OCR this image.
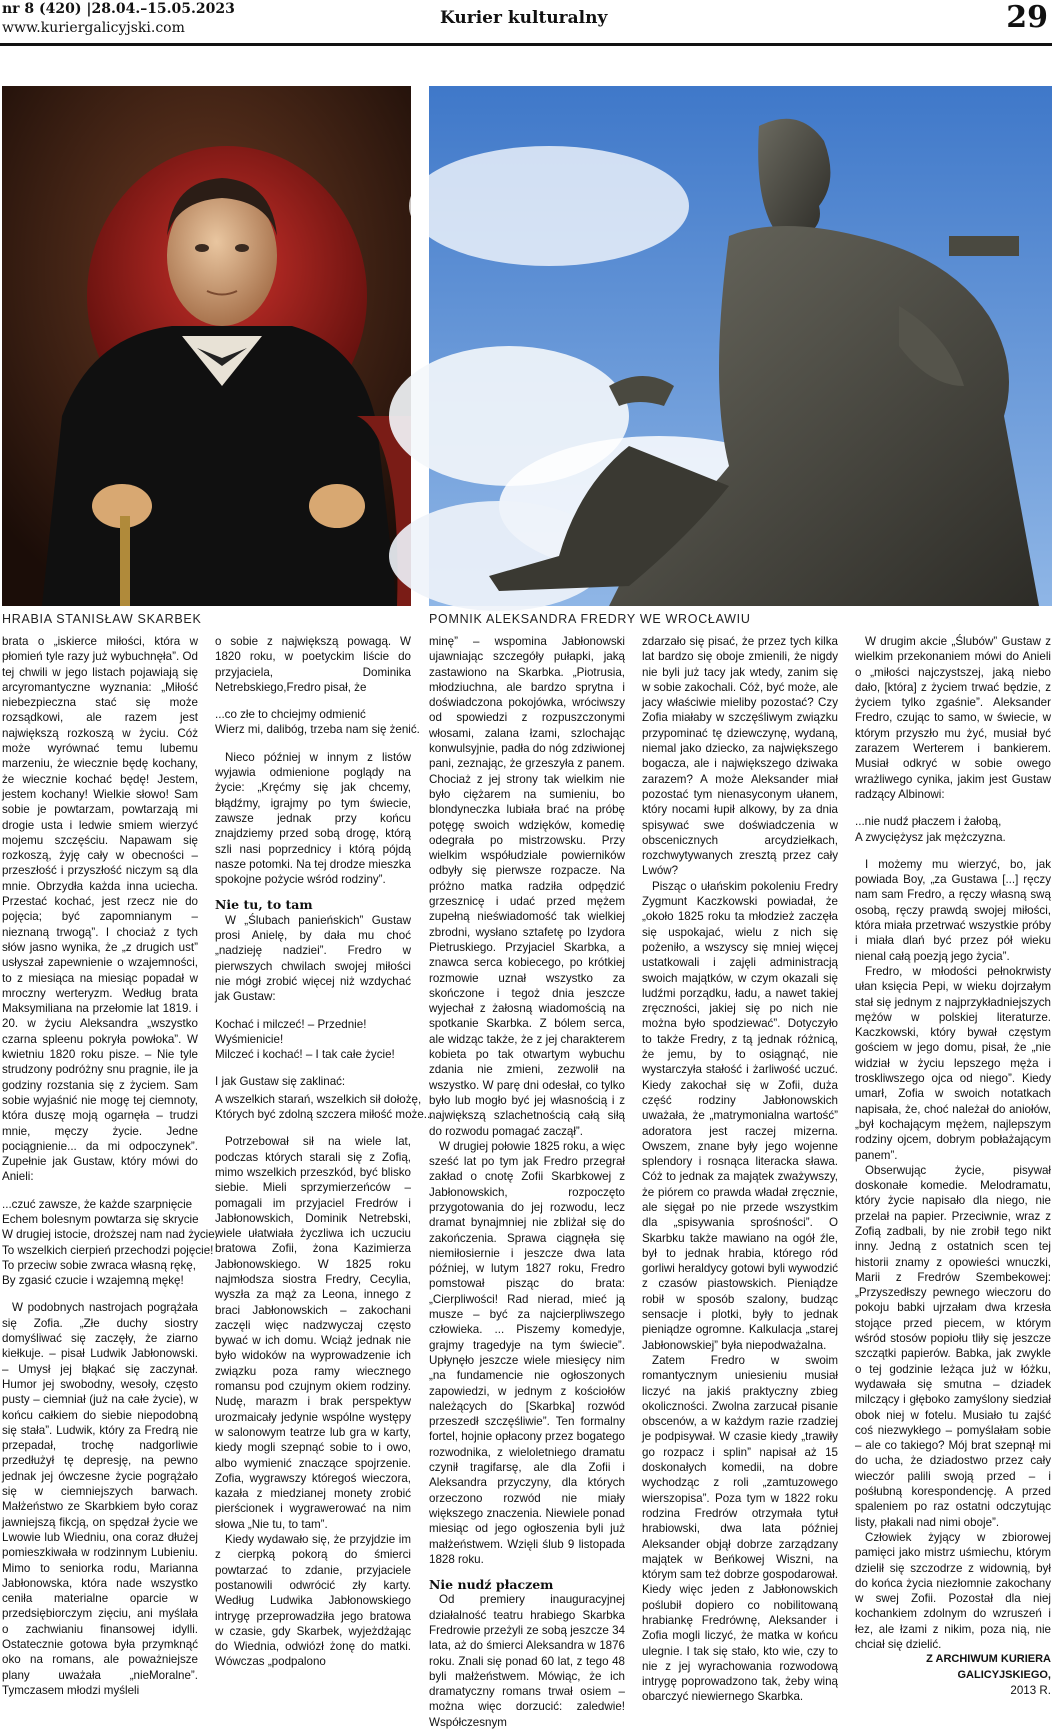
nr 8 (420) |28.04.–15.05.2023
www.kuriergalicyjski.com	Kurier kulturalny	29
HRABIA STANISŁAW SKARBEK	POMNIK ALEKSANDRA FREDRY WE WROCŁAWIU

brata o „iskierce miłości, która w płomień tyle razy już wybuchnęła”. Od tej chwili w jego listach pojawiają się arcyromantyczne wyznania: „Miłość niebezpieczna stać się może rozsądkowi, ale razem jest największą rozkoszą w życiu. Cóż może wyrównać temu lubemu marzeniu, że wiecznie będę kochany, że wiecznie kochać będę! Jestem, jestem kochany! Wielkie słowo! Sam sobie je powtarzam, powtarzają mi drogie usta i ledwie smiem wierzyć mojemu szczęściu. Napawam się rozkoszą, żyję cały w obecności – przeszłość i przyszłość niczym są dla mnie. Obrzydła każda inna uciecha. Przestać kochać, jest rzecz nie do pojęcia; być zapomnianym – nieznaną trwogą”. I chociaż z tych słów jasno wynika, że „z drugich ust” usłyszał zapewnienie o wzajemności, to z miesiąca na miesiąc popadał w mroczny werteryzm. Według brata Maksymiliana na przełomie lat 1819. i 20. w życiu Aleksandra „wszystko czarna spleenu pokryła powłoka”. W kwietniu 1820 roku pisze. – Nie tyle strudzony podróżny snu pragnie, ile ja godziny rozstania się z życiem. Sam sobie wyjaśnić nie mogę tej ciemnoty, która duszę moją ogarnęła – trudzi mnie, męczy życie. Jedne pociągnienie... da mi odpoczynek”. Zupełnie jak Gustaw, który mówi do Anieli:

...czuć zawsze, że każde szarpnięcie
Echem bolesnym powtarza się skrycie
W drugiej istocie, droższej nam nad życie,
To wszelkich cierpień przechodzi pojęcie!
To przeciw sobie zwraca własną rękę,
By zgasić czucie i wzajemną mękę!

W podobnych nastrojach pogrążała się Zofia. „Złe duchy siostry domyśliwać się zaczęły, że ziarno kiełkuje. – pisał Ludwik Jabłonowski. – Umysł jej błąkać się zaczynał. Humor jej swobodny, wesoły, często pusty – ciemniał (już na całe życie), w końcu całkiem do siebie niepodobną się stała”. Ludwik, który za Fredrą nie przepadał, trochę nadgorliwie przedłużył tę depresję, na pewno jednak jej ówczesne życie pogrążało się w ciemniejszych barwach. Małżeństwo ze Skarbkiem było coraz jawniejszą fikcją, on spędzał życie we Lwowie lub Wiedniu, ona coraz dłużej pomieszkiwała w rodzinnym Lubieniu. Mimo to seniorka rodu, Marianna Jabłonowska, która nade wszystko ceniła materialne oparcie w przedsiębiorczym zięciu, ani myślała o zachwianiu finansowej idylli. Ostatecznie gotowa była przymknąć oko na romans, ale poważniejsze plany uważała „nieMoralne”. Tymczasem młodzi myśleli

o sobie z największą powagą. W 1820 roku, w poetyckim liście do przyjaciela, Dominika Netrebskiego,Fredro pisał, że

...co złe to chciejmy odmienić
Wierz mi, dalibóg, trzeba nam się żenić.

Nieco później w innym z listów wyjawia odmienione poglądy na życie: „Kręćmy się jak chcemy, błądźmy, igrajmy po tym świecie, zawsze jednak przy końcu znajdziemy przed sobą drogę, którą szli nasi poprzednicy i którą pójdą nasze potomki. Na tej drodze mieszka spokojne pożycie wśród rodziny”.

Nie tu, to tam

W „Ślubach panieńskich” Gustaw prosi Anielę, by dała mu choć „nadzieję nadziei”. Fredro w pierwszych chwilach swojej miłości nie mógł zrobić więcej niż wzdychać jak Gustaw:

Kochać i milczeć! – Przednie!
Wyśmienicie!
Milczeć i kochać! – I tak całe życie!

I jak Gustaw się zaklinać:

A wszelkich starań, wszelkich sił dołożę,
Których być zdolną szczera miłość może...

Potrzebował sił na wiele lat, podczas których starali się z Zofią, mimo wszelkich przeszkód, być blisko siebie. Mieli sprzymierzeńców – pomagali im przyjaciel Fredrów i Jabłonowskich, Dominik Netrebski, wiele ułatwiała życzliwa ich uczuciu bratowa Zofii, żona Kazimierza Jabłonowskiego. W 1825 roku najmłodsza siostra Fredry, Cecylia, wyszła za mąż za Leona, innego z braci Jabłonowskich – zakochani zaczęli więc nadzwyczaj często bywać w ich domu. Wciąż jednak nie było widoków na wyprowadzenie ich związku poza ramy wiecznego romansu pod czujnym okiem rodziny. Nudę, marazm i brak perspektyw urozmaicały jedynie wspólne występy w salonowym teatrze lub gra w karty, kiedy mogli szepnąć sobie to i owo, albo wymienić znaczące spojrzenie. Zofia, wygrawszy któregoś wieczora, kazała z miedzianej monety zrobić pierścionek i wygrawerować na nim słowa „Nie tu, to tam”.

Kiedy wydawało się, że przyjdzie im z cierpką pokorą do śmierci powtarzać to zdanie, przyjaciele postanowili odwrócić zły karty. Według Ludwika Jabłonowskiego intrygę przeprowadziła jego bratowa w czasie, gdy Skarbek, wyjeżdżając do Wiednia, odwiózł żonę do matki. Wówczas „podpalono

minę” – wspomina Jabłonowski ujawniając szczegóły pułapki, jaką zastawiono na Skarbka. „Piotrusia, młodziuchna, ale bardzo sprytna i doświadczona pokojówka, wróciwszy od spowiedzi z rozpuszczonymi włosami, zalana łzami, szlochając konwulsyjnie, padła do nóg zdziwionej pani, zeznając, że grzeszyła z panem. Chociaż z jej strony tak wielkim nie było ciężarem na sumieniu, bo blondyneczka lubiała brać na próbę potęgę swoich wdzięków, komedię odegrała po mistrzowsku. Przy wielkim współudziale powierników odbyły się pierwsze rozpacze. Na próżno matka radziła odpędzić grzesznicę i udać przed mężem zupełną nieświadomość tak wielkiej zbrodni, wysłano sztafetę po Izydora Pietruskiego. Przyjaciel Skarbka, a znawca serca kobiecego, po krótkiej rozmowie uznał wszystko za skończone i tegoż dnia jeszcze wyjechał z żałosną wiadomością na spotkanie Skarbka. Z bólem serca, ale widząc także, że z jej charakterem kobieta po tak otwartym wybuchu zdania nie zmieni, zezwolił na wszystko. W parę dni odesłał, co tylko było lub mogło być jej własnością i z największą szlachetnością całą siłą do rozwodu pomagać zaczął”.

W drugiej połowie 1825 roku, a więc sześć lat po tym jak Fredro przegrał zakład o cnotę Zofii Skarbkowej z Jabłonowskich, rozpoczęto przygotowania do jej rozwodu, lecz dramat bynajmniej nie zbliżał się do zakończenia. Sprawa ciągnęła się niemiłosiernie i jeszcze dwa lata później, w lutym 1827 roku, Fredro pomstował pisząc do brata: „Cierpliwości! Rad nierad, mieć ją musze – być za najcierpliwszego człowieka. ... Piszemy komedyje, grajmy tragedyje na tym świecie”. Upłynęło jeszcze wiele miesięcy nim „na fundamencie nie ogłoszonych zapowiedzi, w jednym z kościołów należących do [Skarbka] rozwód przeszedł szczęśliwie”. Ten formalny fortel, hojnie opłacony przez bogatego rozwodnika, z wieloletniego dramatu czynił tragifarsę, ale dla Zofii i Aleksandra przyczyny, dla których orzeczono rozwód nie miały większego znaczenia. Niewiele ponad miesiąc od jego ogłoszenia byli już małżeństwem. Wzięli ślub 9 listopada 1828 roku.

Nie nudź płaczem

Od premiery inauguracyjnej działalność teatru hrabiego Skarbka Fredrowie przeżyli ze sobą jeszcze 34 lata, aż do śmierci Aleksandra w 1876 roku. Znali się ponad 60 lat, z tego 48 byli małżeństwem. Mówiąc, że ich dramatyczny romans trwał osiem – można więc dorzucić: zaledwie! Współczesnym

zdarzało się pisać, że przez tych kilka lat bardzo się oboje zmienili, że nigdy nie byli już tacy jak wtedy, zanim się w sobie zakochali. Cóż, być może, ale jacy właściwie mieliby pozostać? Czy Zofia miałaby w szczęśliwym związku przypominać tę dziewczynę, wydaną, niemal jako dziecko, za największego bogacza, ale i największego dziwaka zarazem? A może Aleksander miał pozostać tym nienasyconym ułanem, który nocami łupił alkowy, by za dnia spisywać swe doświadczenia w obscenicznych arcydziełkach, rozchwytywanych zresztą przez cały Lwów?

Pisząc o ułańskim pokoleniu Fredry Zygmunt Kaczkowski powiadał, że „około 1825 roku ta młodzież zaczęła się uspokajać, wielu z nich się pożeniło, a wszyscy się mniej więcej ustatkowali i zajęli administracją swoich majątków, w czym okazali się ludźmi porządku, ładu, a nawet takiej zręczności, jakiej się po nich nie można było spodziewać”. Dotyczyło to także Fredry, z tą jednak różnicą, że jemu, by to osiągnąć, nie wystarczyła stałość i żarliwość uczuć. Kiedy zakochał się w Zofii, duża część rodziny Jabłonowskich uważała, że „matrymonialna wartość” adoratora jest raczej mizerna. Owszem, znane były jego wojenne splendory i rosnąca literacka sława. Cóż to jednak za majątek zważywszy, że piórem co prawda władał zręcznie, ale sięgał po nie przede wszystkim dla „spisywania sprośności”. O Skarbku także mawiano na ogół źle, był to jednak hrabia, którego ród gorliwi heraldycy gotowi byli wywodzić z czasów piastowskich. Pieniądze robił w sposób szalony, budząc sensacje i plotki, były to jednak pieniądze ogromne. Kalkulacja „starej Jabłonowskiej” była niepodważalna.

Zatem Fredro w swoim romantycznym uniesieniu musiał liczyć na jakiś praktyczny zbieg okoliczności. Zwolna zarzucał pisanie obscenów, a w każdym razie rzadziej je podpisywał. W czasie kiedy „trawiły go rozpacz i splin” napisał aż 15 doskonałych komedii, na dobre wychodząc z roli „zamtuzowego wierszopisa”. Poza tym w 1822 roku rodzina Fredrów otrzymała tytuł hrabiowski, dwa lata później Aleksander objął dobrze zarządzany majątek w Beńkowej Wiszni, na którym sam też dobrze gospodarował. Kiedy więc jeden z Jabłonowskich poślubił dopiero co nobilitowaną hrabiankę Fredrównę, Aleksander i Zofia mogli liczyć, że matka w końcu ulegnie. I tak się stało, kto wie, czy to nie z jej wyrachowania rozwodową intrygę poprowadzono tak, żeby winą obarczyć niewiernego Skarbka.

W drugim akcie „Ślubów” Gustaw z wielkim przekonaniem mówi do Anieli o „miłości najczystszej, jaką niebo dało, [która] z życiem trwać będzie, z życiem tylko zgaśnie”. Aleksander Fredro, czując to samo, w świecie, w którym przyszło mu żyć, musiał być zarazem Werterem i bankierem. Musiał odkryć w sobie owego wrażliwego cynika, jakim jest Gustaw radzący Albinowi:

...nie nudź płaczem i żałobą,
A zwyciężysz jak mężczyzna.

I możemy mu wierzyć, bo, jak powiada Boy, „za Gustawa [...] ręczy nam sam Fredro, a ręczy własną swą osobą, ręczy prawdą swojej miłości, która miała przetrwać wszystkie próby i miała dlań być przez pół wieku nienal całą poezją jego życia”.

Fredro, w młodości pełnokrwisty ułan księcia Pepi, w wieku dojrzałym stał się jednym z najprzykładniejszych mężów w polskiej literaturze. Kaczkowski, który bywał częstym gościem w jego domu, pisał, że „nie widział w życiu lepszego męża i troskliwszego ojca od niego”. Kiedy umarł, Zofia w swoich notatkach napisała, że, choć należał do aniołów, „był kochającym mężem, najlepszym rodziny ojcem, dobrym pobłażającym panem”.

Obserwując życie, pisywał doskonałe komedie. Melodramatu, który życie napisało dla niego, nie przelał na papier. Przeciwnie, wraz z Zofią zadbali, by nie zrobił tego nikt inny. Jedną z ostatnich scen tej historii znamy z opowieści wnuczki, Marii z Fredrów Szembekowej: „Przyszedłszy pewnego wieczoru do pokoju babki ujrzałam dwa krzesła stojące przed piecem, w którym wśród stosów popiołu tliły się jeszcze szczątki papierów. Babka, jak zwykle o tej godzinie leżąca już w łóżku, wydawała się smutna – dziadek milczący i głęboko zamyślony siedział obok niej w fotelu. Musiało tu zajść coś niezwykłego – pomyślałam sobie – ale co takiego? Mój brat szepnął mi do ucha, że dziadostwo przez cały wieczór palili swoją przed – i pośłubną korespondencję. A przed spaleniem po raz ostatni odczytując listy, płakali nad nimi oboje”.

Człowiek żyjący w zbiorowej pamięci jako mistrz uśmiechu, którym dzielił się szczodrze z widownią, był do końca życia niezłomnie zakochany w swej Zofii. Pozostał dla niej kochankiem zdolnym do wzruszeń i łez, ale łzami z nikim, poza nią, nie chciał się dzielić.

Z ARCHIWUM KURIERA GALICYJSKIEGO,

2013 R.
